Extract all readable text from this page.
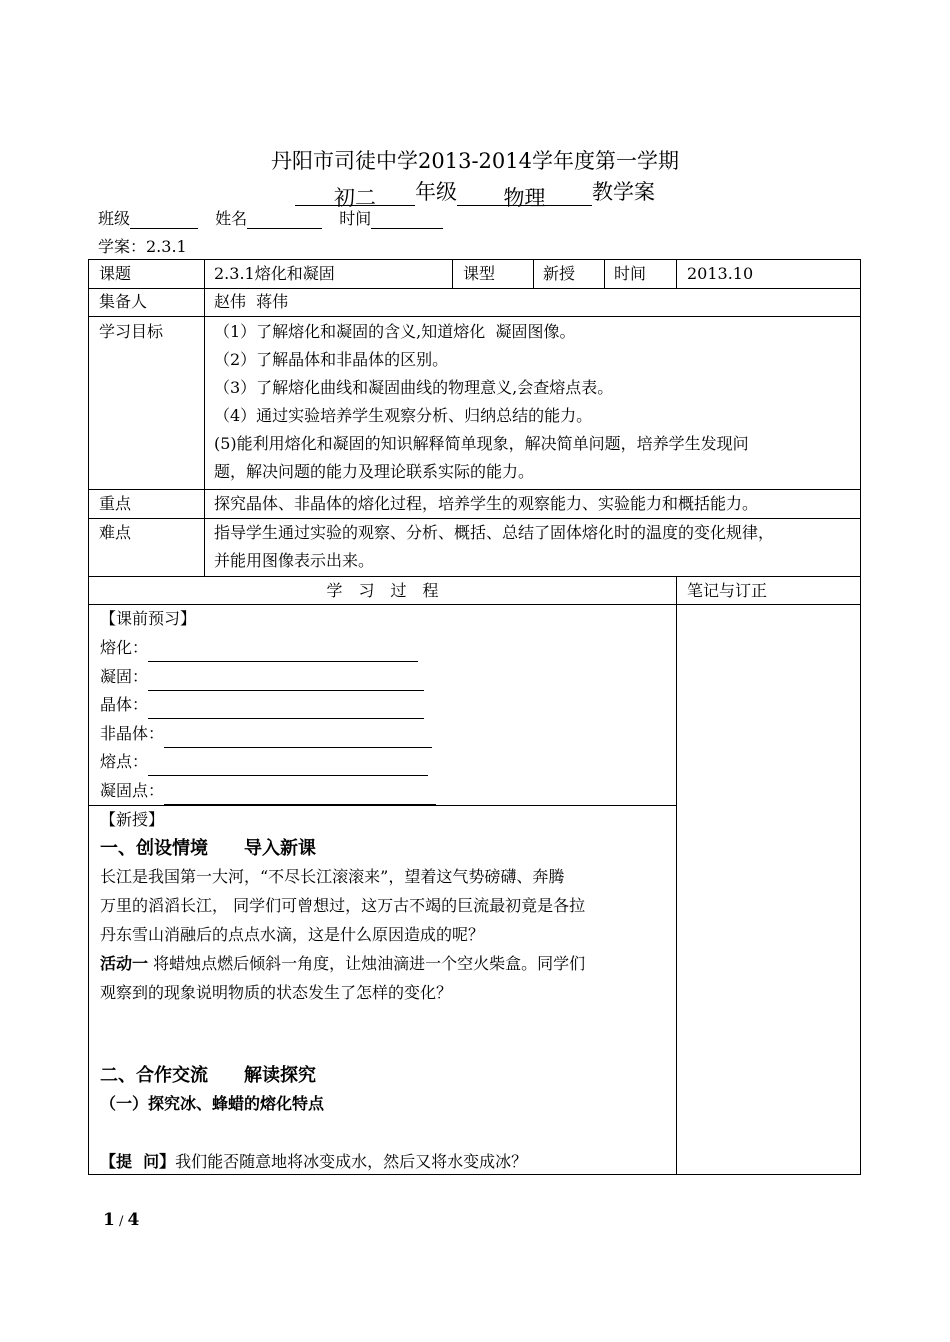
丹阳市司徒中学2013-2014学年度第一学期
初二 年级 物理 教学案
班级	姓名	时间
学案：2.3.1
课题	2.3.1熔化和凝固	课型	新授 时间	2013.10
集备人	赵伟  蒋伟
学习目标	（1）了解熔化和凝固的含义,知道熔化  凝固图像。
（2）了解晶体和非晶体的区别。
（3）了解熔化曲线和凝固曲线的物理意义,会查熔点表。
（4）通过实验培养学生观察分析、归纳总结的能力。
(5)能利用熔化和凝固的知识解释简单现象，解决简单问题，培养学生发现问
题，解决问题的能力及理论联系实际的能力。
重点	探究晶体、非晶体的熔化过程，培养学生的观察能力、实验能力和概括能力。
难点	指导学生通过实验的观察、分析、概括、总结了固体熔化时的温度的变化规律，
并能用图像表示出来。
学　习　过　程	笔记与订正
【课前预习】
熔化：
凝固：
晶体：
非晶体：
熔点：
凝固点：
【新授】
一、创设情境　　导入新课
长江是我国第一大河，“不尽长江滚滚来”，望着这气势磅礴、奔腾
万里的滔滔长江， 同学们可曾想过，这万古不竭的巨流最初竟是各拉
丹东雪山消融后的点点水滴，这是什么原因造成的呢？
活动一 将蜡烛点燃后倾斜一角度，让烛油滴进一个空火柴盒。同学们
观察到的现象说明物质的状态发生了怎样的变化？
二、合作交流　　解读探究
（一）探究冰、蜂蜡的熔化特点
【提  问】我们能否随意地将冰变成水，然后又将水变成冰？
1 / 4
